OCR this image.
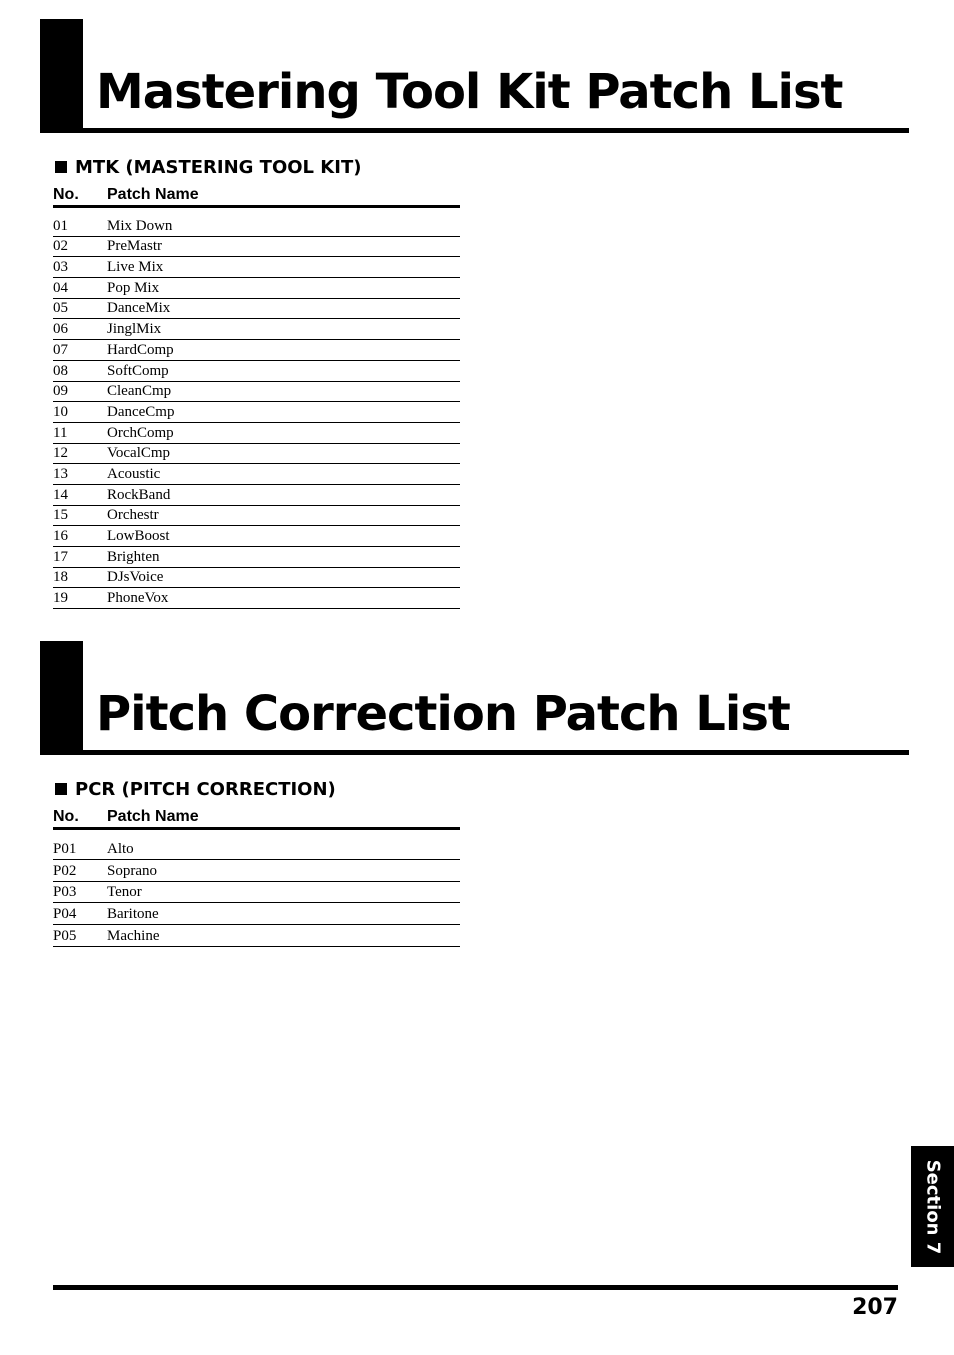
Mastering Tool Kit Patch List
MTK (MASTERING TOOL KIT)
No. Patch Name
01	Mix Down
02	PreMastr
03	Live Mix
04	Pop Mix
05	DanceMix
06	JinglMix
07	HardComp
08	SoftComp
09	CleanCmp
10	DanceCmp
11	OrchComp
12	VocalCmp
13	Acoustic
14	RockBand
15	Orchestr
16	LowBoost
17	Brighten
18	DJsVoice
19	PhoneVox
Pitch Correction Patch List
PCR (PITCH CORRECTION)
No. Patch Name
P01 Alto
P02 Soprano
P03 Tenor
P04 Baritone
P05 Machine
Section 7
207
